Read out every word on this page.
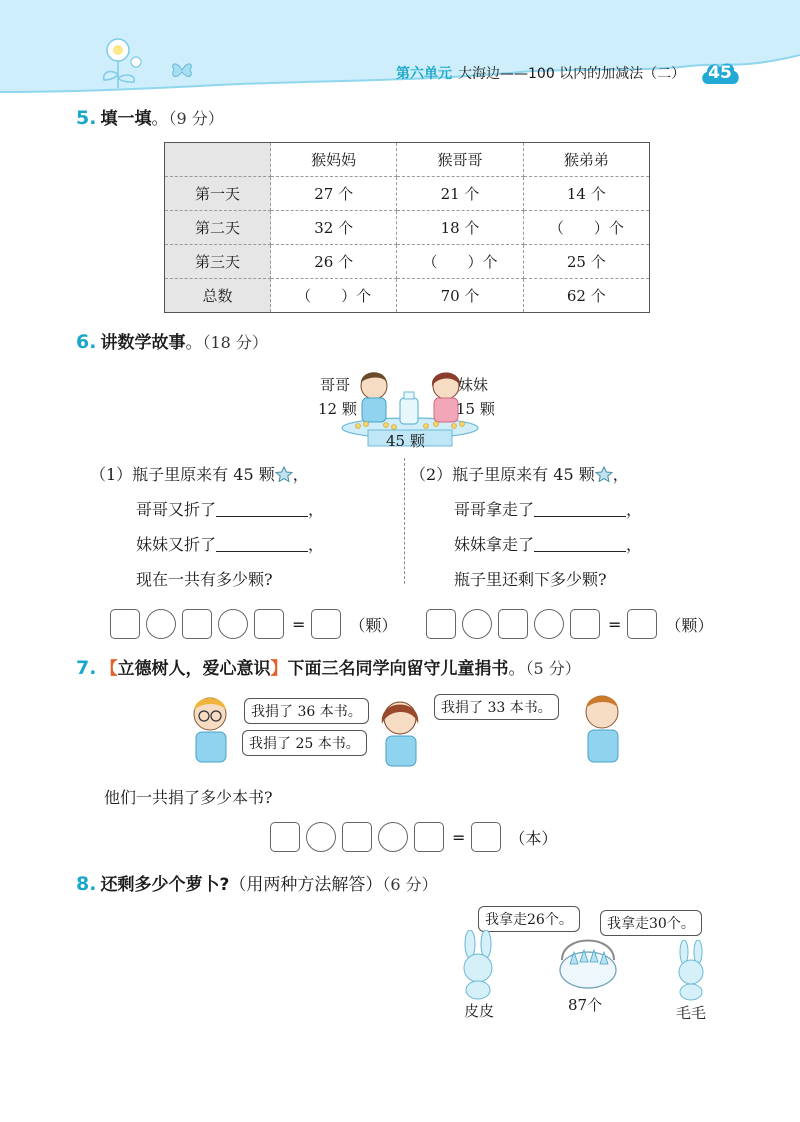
第六单元 大海边——100 以内的加减法（二）	45
5. 填一填。（9 分）
	猴妈妈	猴哥哥	猴弟弟
第一天	27 个	21 个	14 个
第二天	32 个	18 个	（　　）个
第三天	26 个	（　　）个	25 个
总数	（　　）个	70 个	62 个
6. 讲数学故事。（18 分）
哥哥
12 颗
妹妹
15 颗
45 颗
（1）瓶子里原来有 45 颗 ，
哥哥又折了	，
妹妹又折了	，
现在一共有多少颗?
（2）瓶子里原来有 45 颗 ，
哥哥拿走了	，
妹妹拿走了	，
瓶子里还剩下多少颗?
=	（颗）	=	（颗）
7. 【立德树人，爱心意识】下面三名同学向留守儿童捐书。（5 分）
我捐了 36 本书。	我捐了 33 本书。
我捐了 25 本书。
他们一共捐了多少本书?
=	（本）
8. 还剩多少个萝卜?（用两种方法解答）（6 分）
我拿走26个。	我拿走30个。
皮皮	87个	毛毛
